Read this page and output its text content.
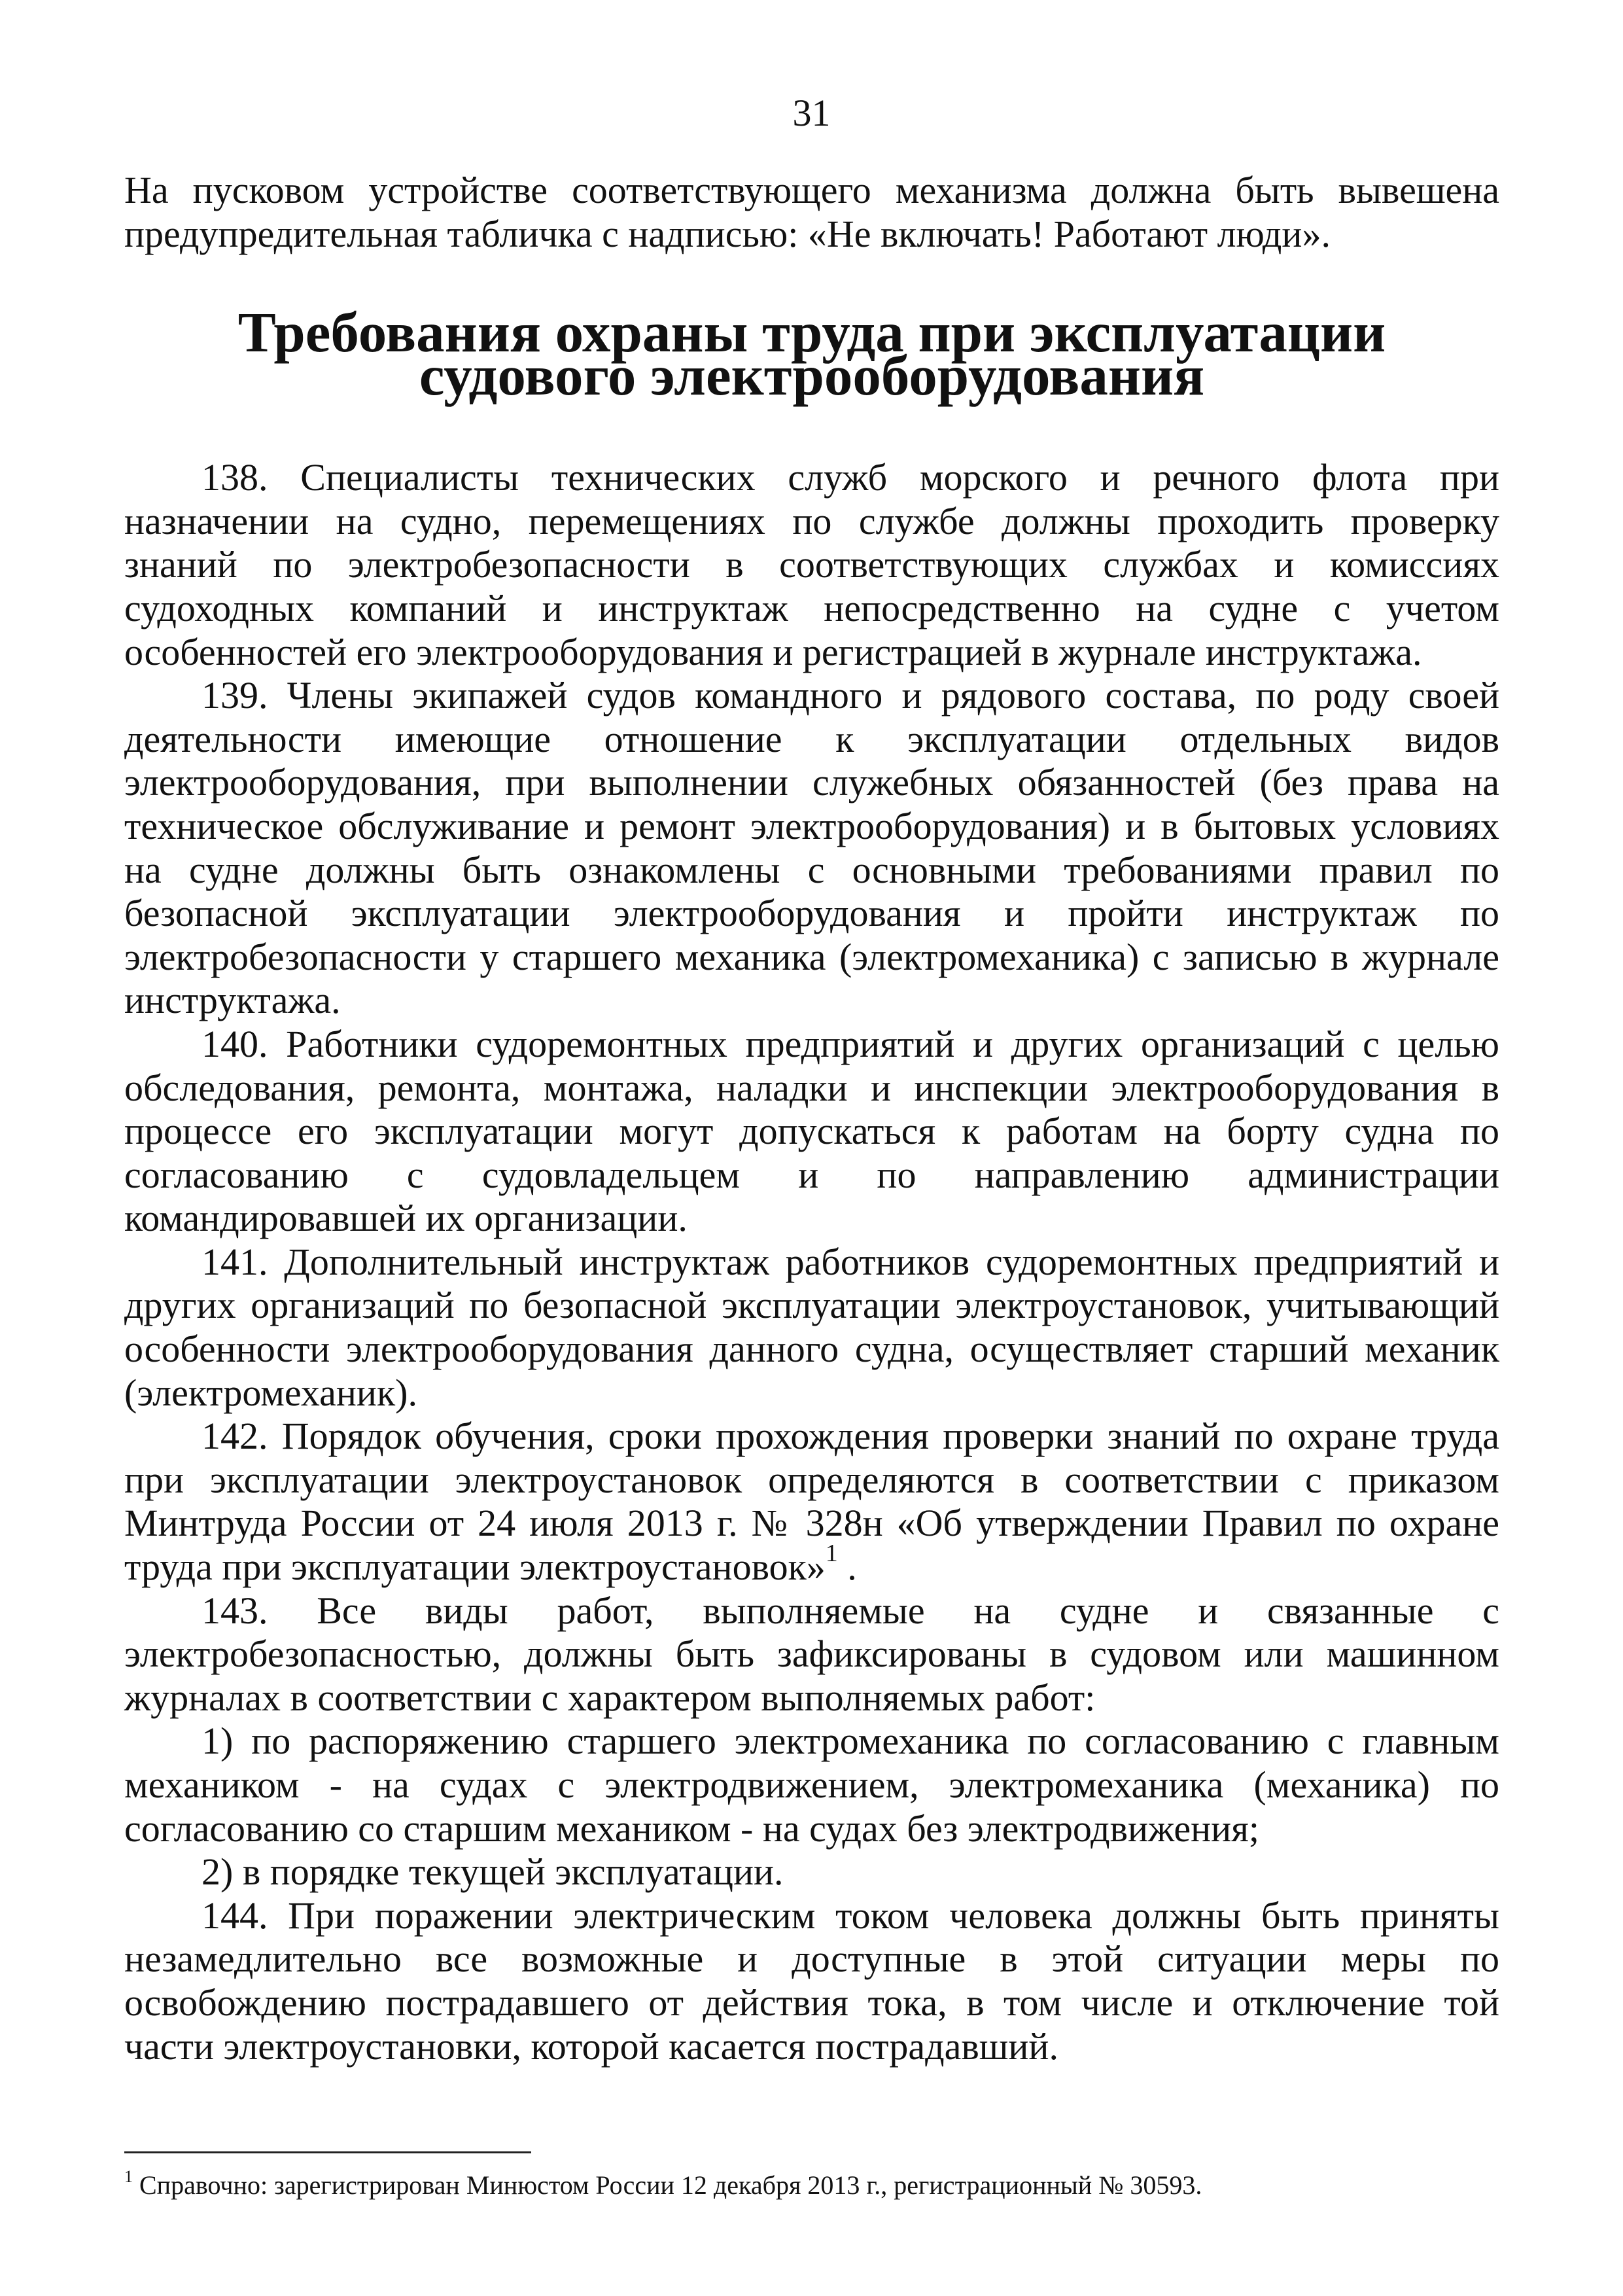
31

На пусковом устройстве соответствующего механизма должна быть вывешена

предупредительная табличка с надписью: «Не включать! Работают люди».

Требования охраны труда при эксплуатации судового электрооборудования

138. Специалисты технических служб морского и речного флота при

назначении на судно, перемещениях по службе должны проходить проверку

знаний по электробезопасности в соответствующих службах и комиссиях

судоходных компаний и инструктаж непосредственно на судне с учетом

особенностей его электрооборудования и регистрацией в журнале инструктажа.

139. Члены экипажей судов командного и рядового состава, по роду своей

деятельности имеющие отношение к эксплуатации отдельных видов

электрооборудования, при выполнении служебных обязанностей (без права на

техническое обслуживание и ремонт электрооборудования) и в бытовых условиях

на судне должны быть ознакомлены с основными требованиями правил по

безопасной эксплуатации электрооборудования и пройти инструктаж по

электробезопасности у старшего механика (электромеханика) с записью в журнале

инструктажа.

140. Работники судоремонтных предприятий и других организаций с целью

обследования, ремонта, монтажа, наладки и инспекции электрооборудования в

процессе его эксплуатации могут допускаться к работам на борту судна по

согласованию с судовладельцем и по направлению администрации

командировавшей их организации.

141. Дополнительный инструктаж работников судоремонтных предприятий и

других организаций по безопасной эксплуатации электроустановок, учитывающий

особенности электрооборудования данного судна, осуществляет старший механик

(электромеханик).

142. Порядок обучения, сроки прохождения проверки знаний по охране труда

при эксплуатации электроустановок определяются в соответствии с приказом

Минтруда России от 24 июля 2013 г. № 328н «Об утверждении Правил по охране

труда при эксплуатации электроустановок»$^1$ .

143. Все виды работ, выполняемые на судне и связанные с

электробезопасностью, должны быть зафиксированы в судовом или машинном

журналах в соответствии с характером выполняемых работ:

1) по распоряжению старшего электромеханика по согласованию с главным

механиком - на судах с электродвижением, электромеханика (механика) по

согласованию со старшим механиком - на судах без электродвижения;

2) в порядке текущей эксплуатации.

144. При поражении электрическим током человека должны быть приняты

незамедлительно все возможные и доступные в этой ситуации меры по

освобождению пострадавшего от действия тока, в том числе и отключение той

части электроустановки, которой касается пострадавший.

$^1$ Справочно: зарегистрирован Минюстом России 12 декабря 2013 г., регистрационный № 30593.
